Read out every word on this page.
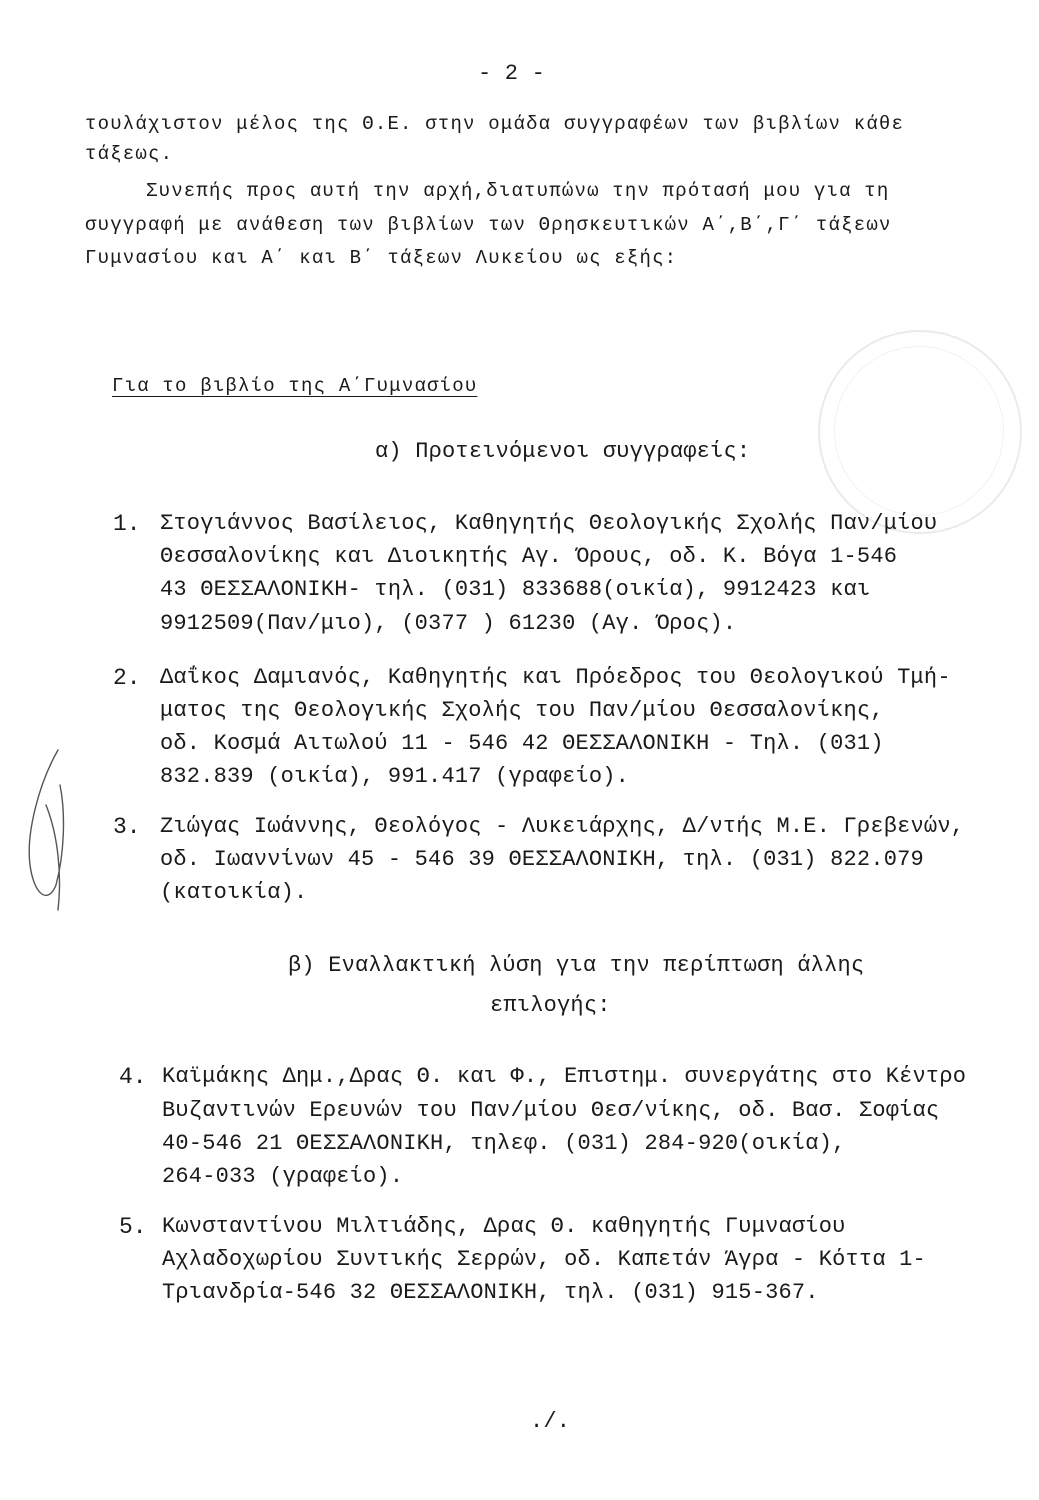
- 2 -
τουλάχιστον μέλος της Θ.Ε. στην ομάδα συγγραφέων των βιβλίων κάθε
τάξεως.
Συνεπής προς αυτή την αρχή,διατυπώνω την πρότασή μου για τη
συγγραφή με ανάθεση των βιβλίων των Θρησκευτικών Α΄,Β΄,Γ΄ τάξεων
Γυμνασίου και Α΄ και Β΄ τάξεων Λυκείου ως εξής:
Για το βιβλίο της Α΄Γυμνασίου
α) Προτεινόμενοι συγγραφείς:
1. Στογιάννος Βασίλειος, Καθηγητής Θεολογικής Σχολής Παν/μίου
Θεσσαλονίκης και Διοικητής Αγ. Όρους, οδ. Κ. Βόγα 1-546
43 ΘΕΣΣΑΛΟΝΙΚΗ- τηλ. (031) 833688(οικία), 9912423 και
9912509(Παν/μιο), (0377 ) 61230 (Αγ. Όρος).
2. Δαΐκος Δαμιανός, Καθηγητής και Πρόεδρος του Θεολογικού Τμή-
ματος της Θεολογικής Σχολής του Παν/μίου Θεσσαλονίκης,
οδ. Κοσμά Αιτωλού 11 - 546 42 ΘΕΣΣΑΛΟΝΙΚΗ - Τηλ. (031)
832.839 (οικία), 991.417 (γραφείο).
3. Ζιώγας Ιωάννης, Θεολόγος - Λυκειάρχης, Δ/ντής Μ.Ε. Γρεβενών,
οδ. Ιωαννίνων 45 - 546 39 ΘΕΣΣΑΛΟΝΙΚΗ, τηλ. (031) 822.079
(κατοικία).
β) Εναλλακτική λύση για την περίπτωση άλλης
επιλογής:
4. Καϊμάκης Δημ.,Δρας Θ. και Φ., Επιστημ. συνεργάτης στο Κέντρο
Βυζαντινών Ερευνών του Παν/μίου Θεσ/νίκης, οδ. Βασ. Σοφίας
40-546 21 ΘΕΣΣΑΛΟΝΙΚΗ, τηλεφ. (031) 284-920(οικία),
264-033 (γραφείο).
5. Κωνσταντίνου Μιλτιάδης, Δρας Θ. καθηγητής Γυμνασίου
Αχλαδοχωρίου Συντικής Σερρών, οδ. Καπετάν Άγρα - Κόττα 1-
Τριανδρία-546 32 ΘΕΣΣΑΛΟΝΙΚΗ, τηλ. (031) 915-367.
./.
